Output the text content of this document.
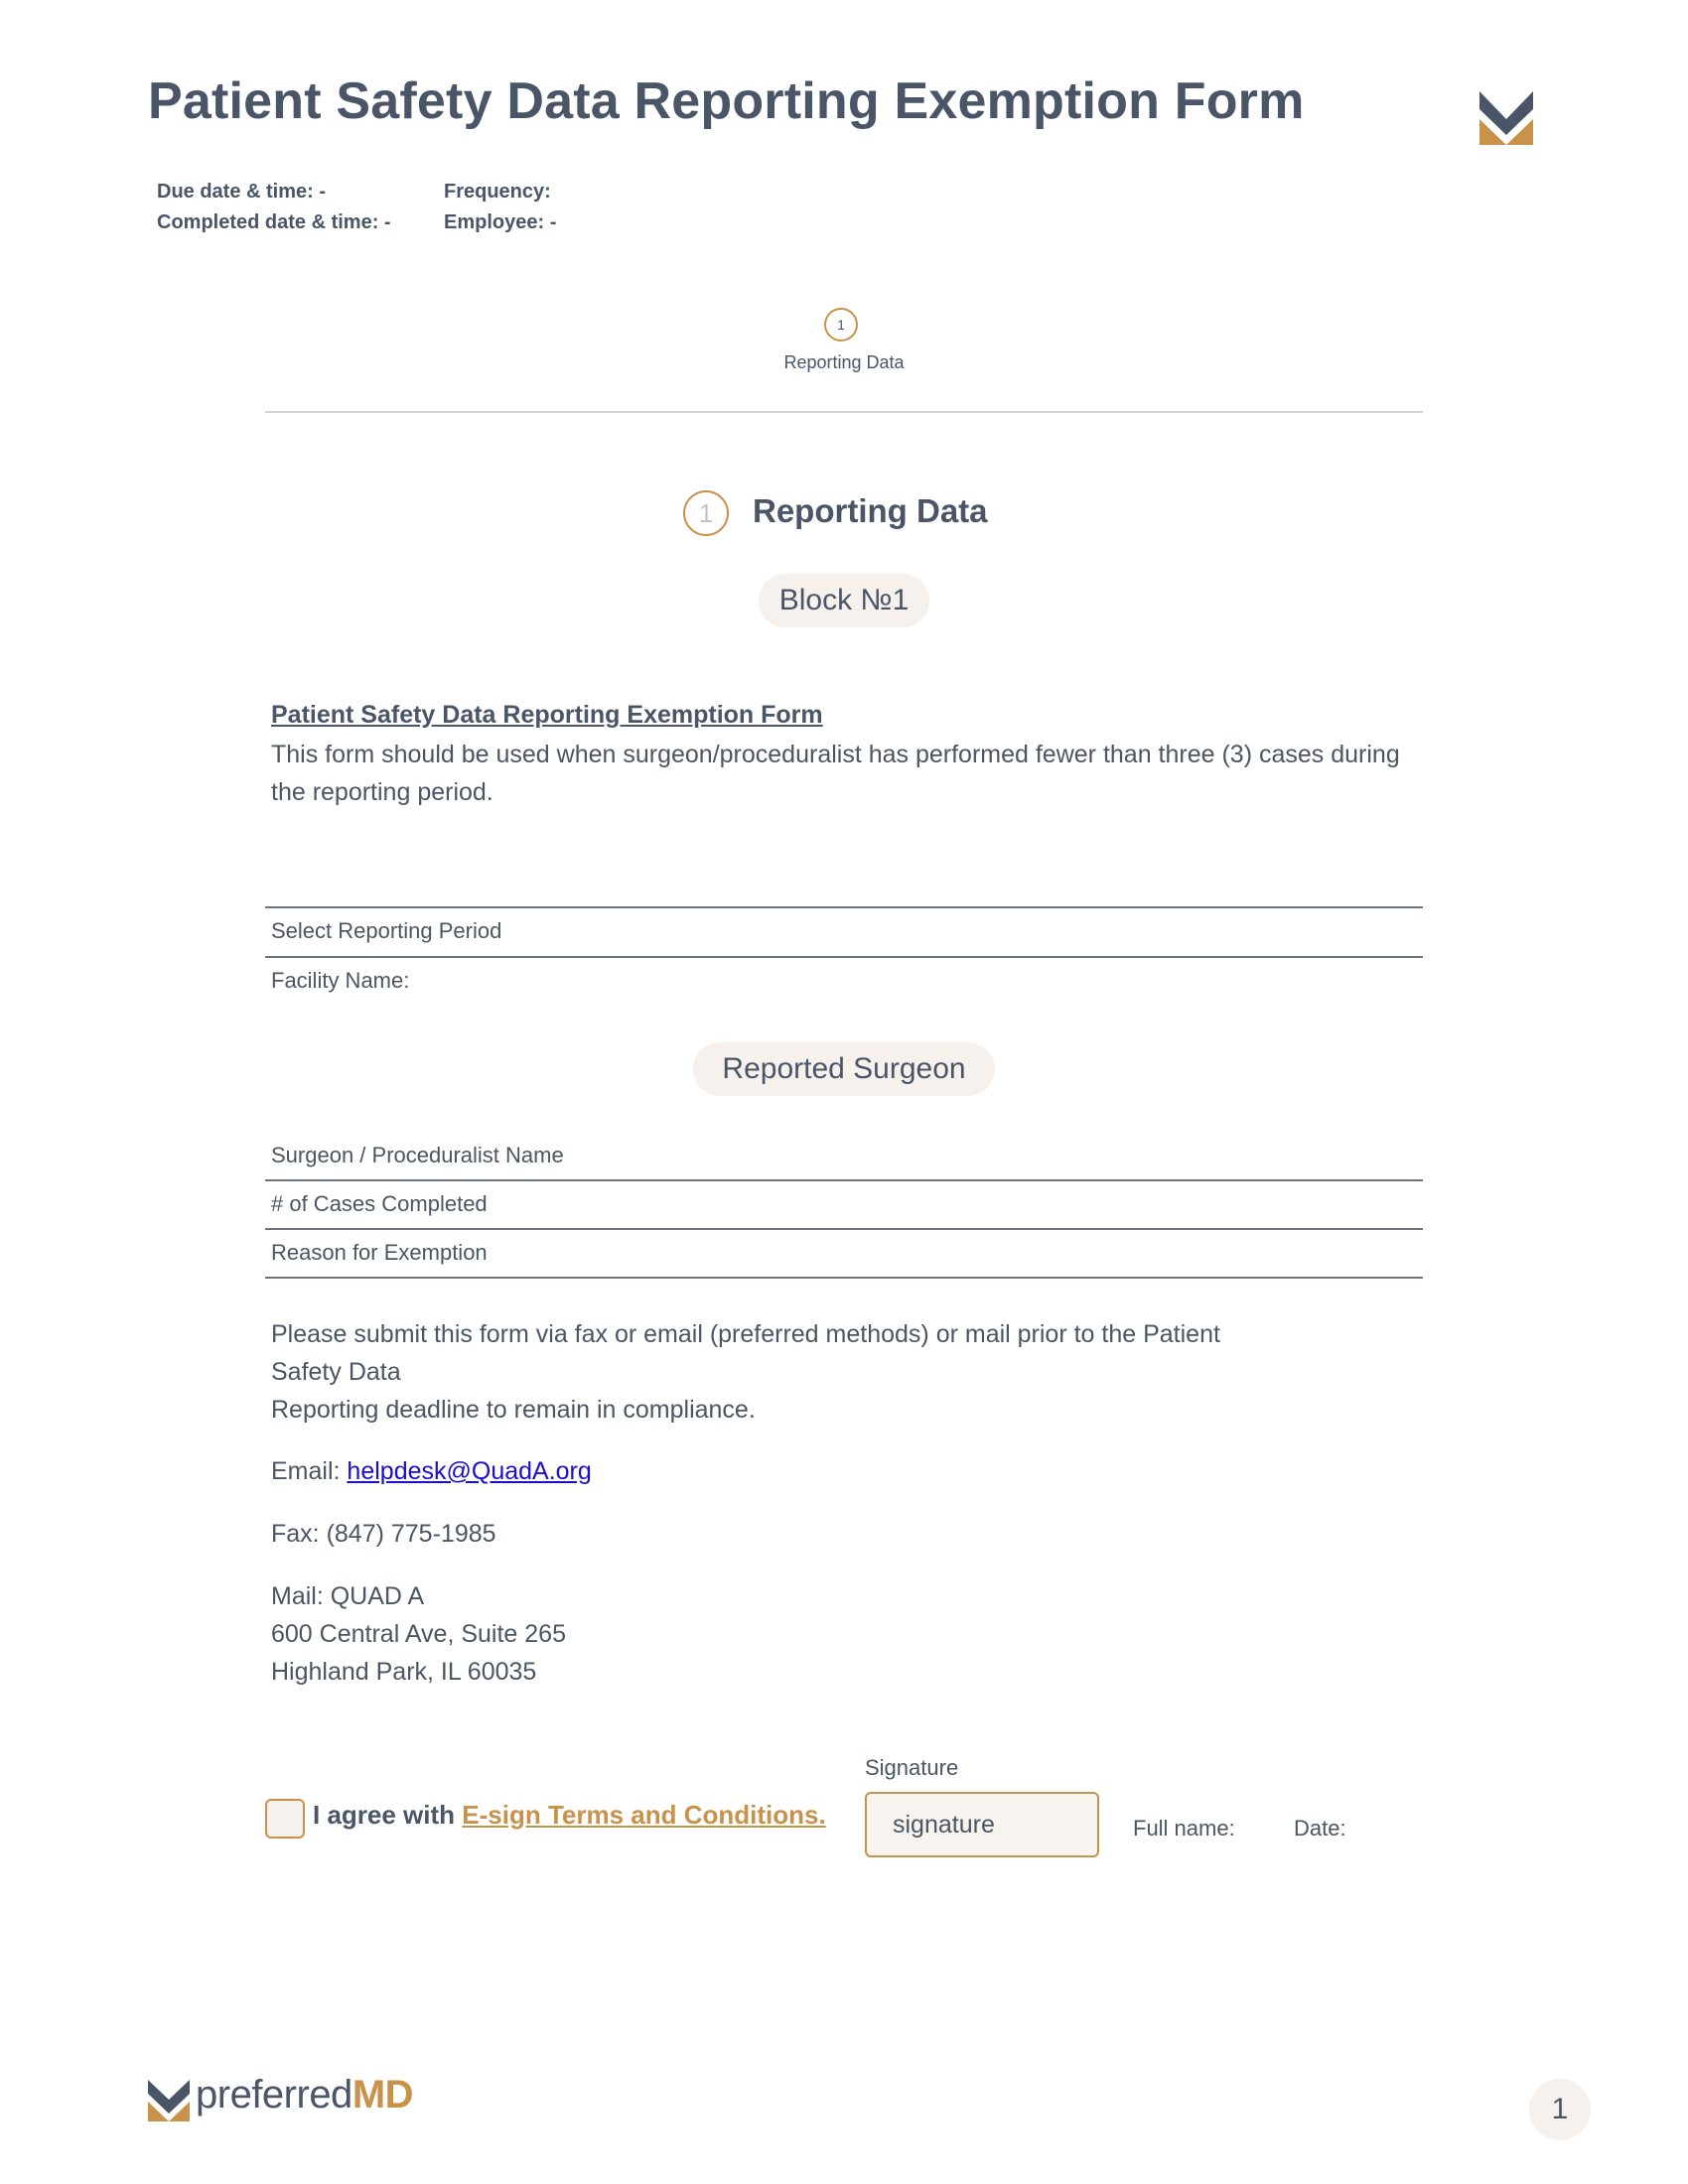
Patient Safety Data Reporting Exemption Form
Due date & time: -
Completed date & time: -
Frequency:
Employee: -
1
Reporting Data
1	Reporting Data
Block №1
Patient Safety Data Reporting Exemption Form
This form should be used when surgeon/proceduralist has performed fewer than three (3) cases during the reporting period.
Select Reporting Period
Facility Name:
Reported Surgeon
Surgeon / Proceduralist Name
# of Cases Completed
Reason for Exemption
Please submit this form via fax or email (preferred methods) or mail prior to the Patient
Safety Data
Reporting deadline to remain in compliance.
Email: helpdesk@QuadA.org
Fax: (847) 775-1985
Mail: QUAD A
600 Central Ave, Suite 265
Highland Park, IL 60035
I agree with E-sign Terms and Conditions.
Signature
signature	Full name:	Date:
preferredMD	1
